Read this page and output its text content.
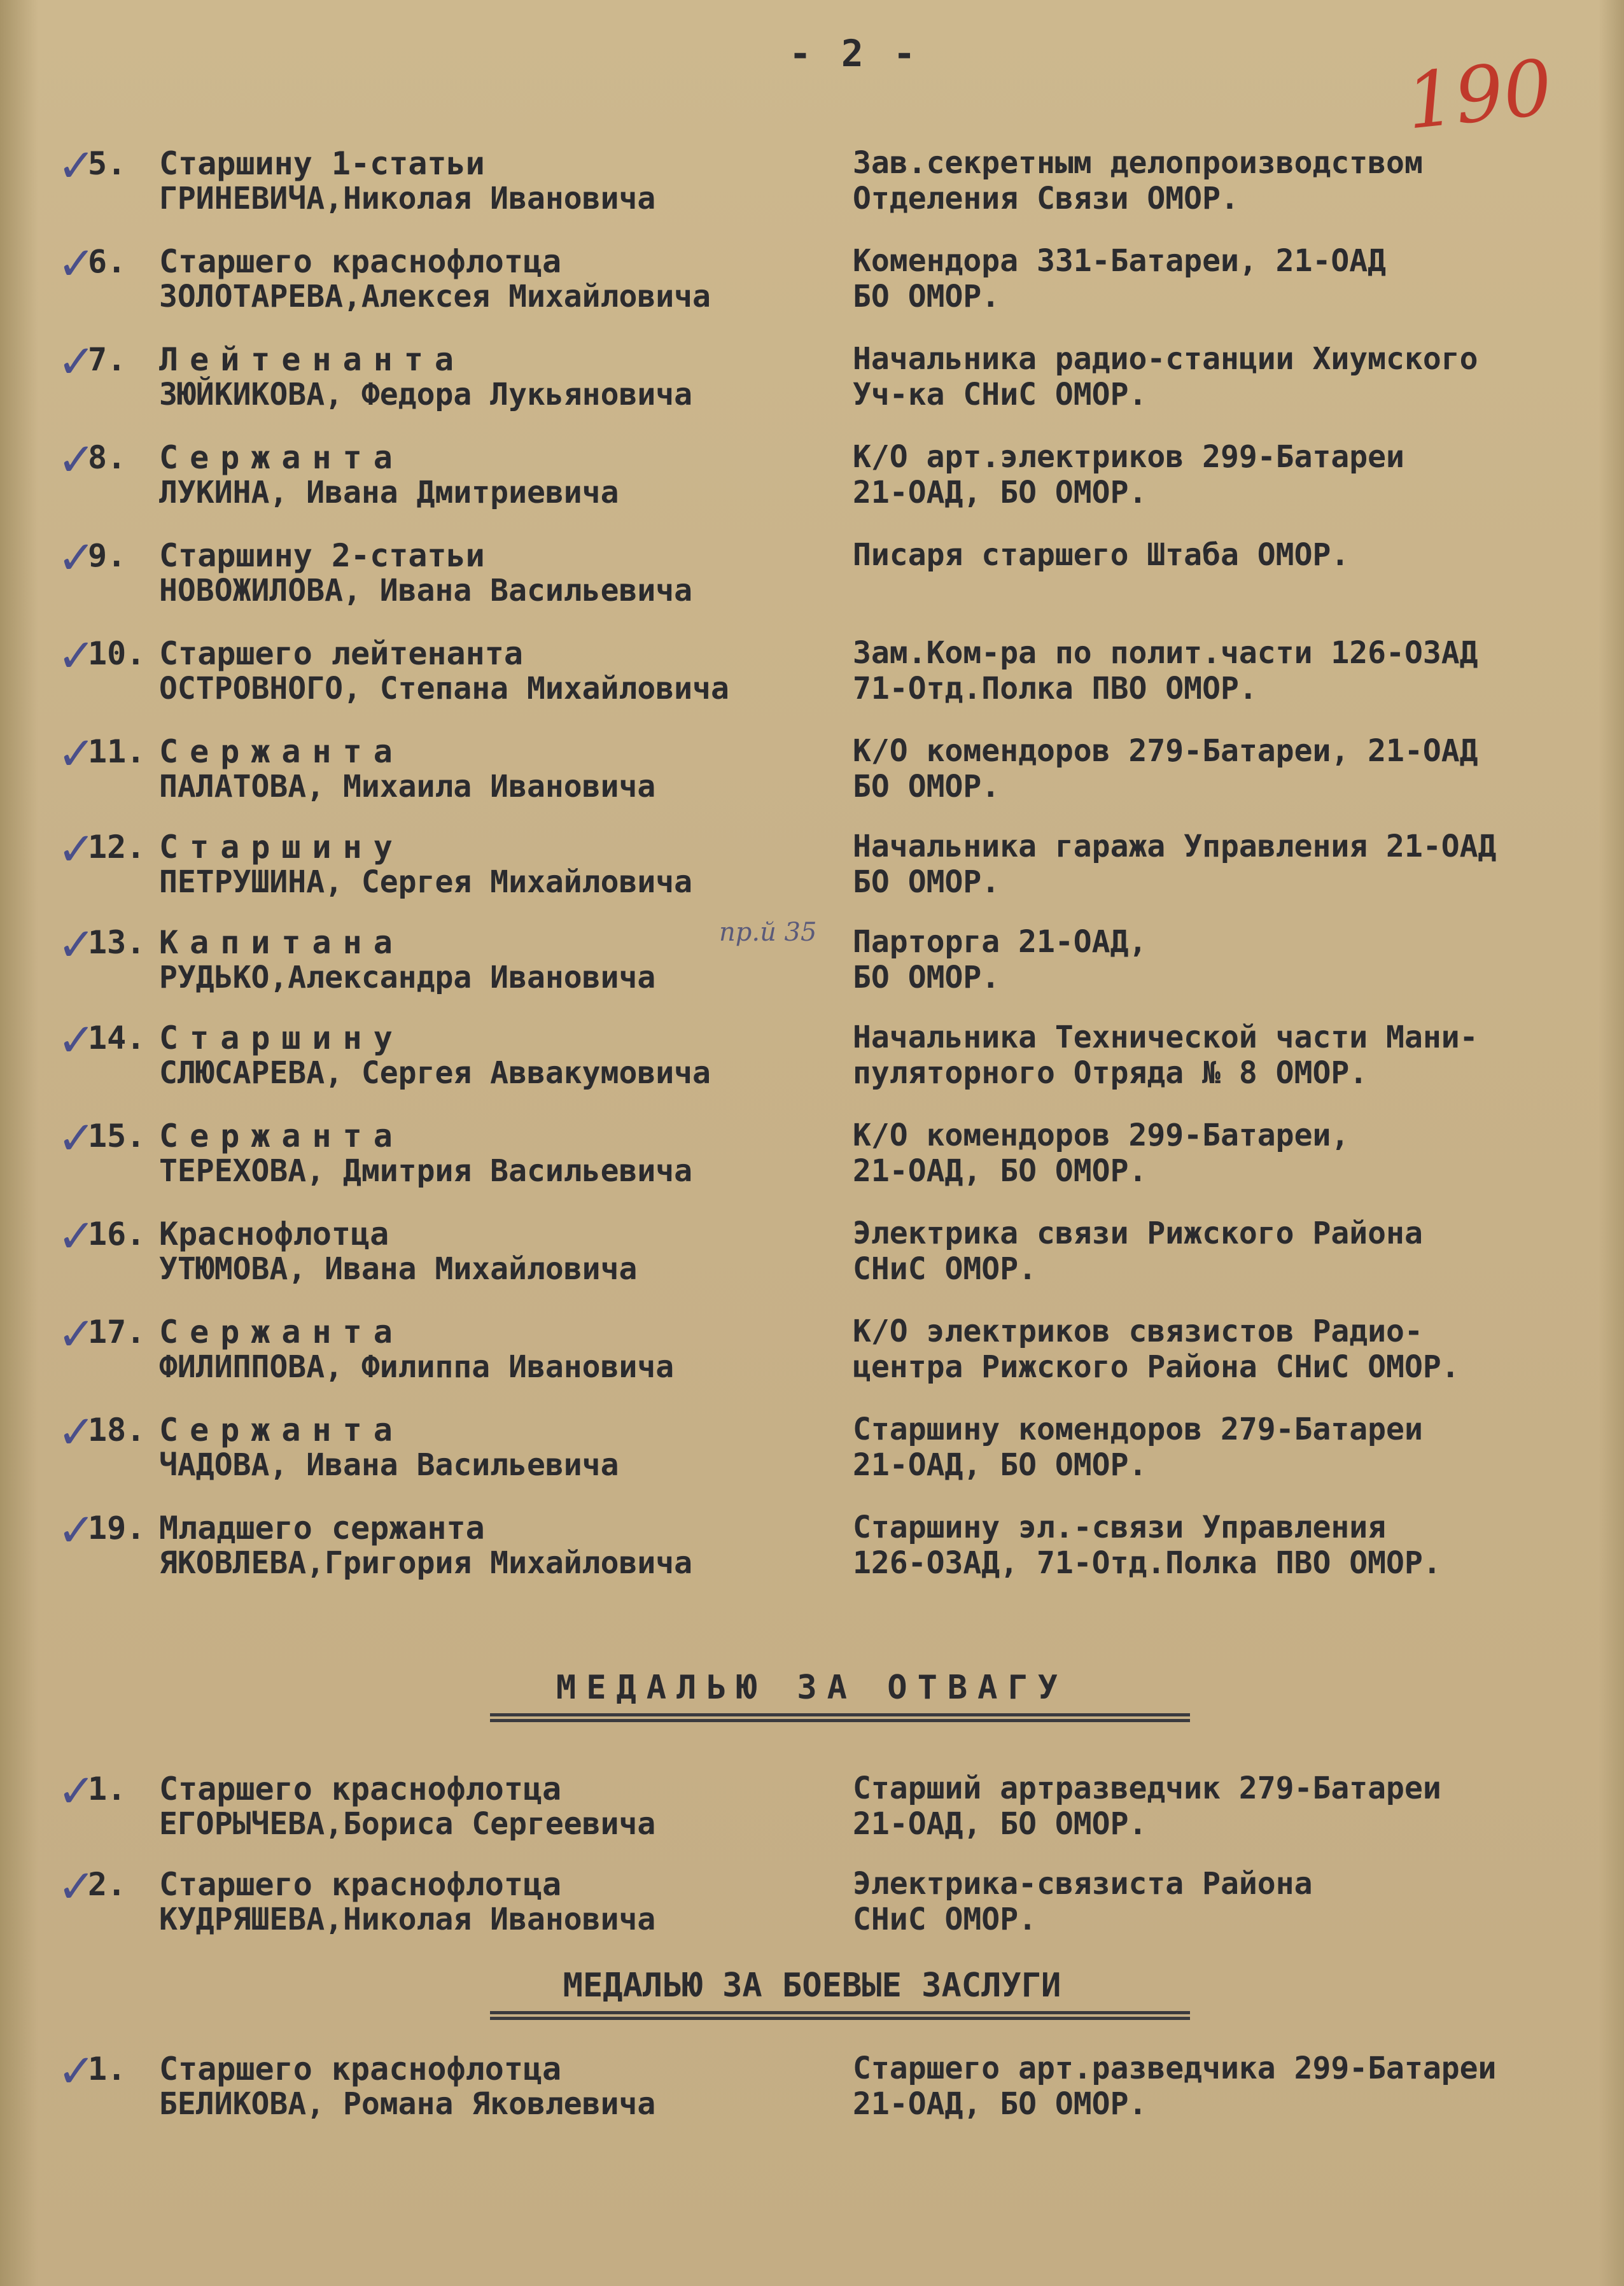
- 2 -	190
✓
5. Старшину 1-статьи
ГРИНЕВИЧА,Николая Ивановича
Зав.секретным делопроизводством
Отделения Связи ОМОР.
✓
6. Старшего краснофлотца
ЗОЛОТАРЕВА,Алексея Михайловича
Комендора 331-Батареи, 21-ОАД
БО ОМОР.
✓
7. Лейтенанта
ЗЮЙКИКОВА, Федора Лукьяновича
Начальника радио-станции Хиумского
Уч-ка СНиС ОМОР.
✓
8. Сержанта
ЛУКИНА, Ивана Дмитриевича
К/О арт.электриков 299-Батареи
21-ОАД, БО ОМОР.
✓
9. Старшину 2-статьи
НОВОЖИЛОВА, Ивана Васильевича
Писаря старшего Штаба ОМОР.
✓
10. Старшего лейтенанта
ОСТРОВНОГО, Степана Михайловича
Зам.Ком-ра по полит.части 126-ОЗАД
71-Отд.Полка ПВО ОМОР.
✓
11. Сержанта
ПАЛАТОВА, Михаила Ивановича
К/О комендоров 279-Батареи, 21-ОАД
БО ОМОР.
✓
12. Старшину
ПЕТРУШИНА, Сергея Михайловича
Начальника гаража Управления 21-ОАД
БО ОМОР.
✓
13. Капитана	пр.й 35
РУДЬКО,Александра Ивановича
Парторга 21-ОАД,
БО ОМОР.
✓
14. Старшину
СЛЮСАРЕВА, Сергея Аввакумовича
Начальника Технической части Мани-
пуляторного Отряда № 8 ОМОР.
✓
15. Сержанта
ТЕРЕХОВА, Дмитрия Васильевича
К/О комендоров 299-Батареи,
21-ОАД, БО ОМОР.
✓
16. Краснофлотца
УТЮМОВА, Ивана Михайловича
Электрика связи Рижского Района
СНиС ОМОР.
✓
17. Сержанта
ФИЛИППОВА, Филиппа Ивановича
К/О электриков связистов Радио-
центра Рижского Района СНиС ОМОР.
✓
18. Сержанта
ЧАДОВА, Ивана Васильевича
Старшину комендоров 279-Батареи
21-ОАД, БО ОМОР.
✓
19. Младшего сержанта
ЯКОВЛЕВА,Григория Михайловича
Старшину эл.-связи Управления
126-ОЗАД, 71-Отд.Полка ПВО ОМОР.
МЕДАЛЬЮ ЗА ОТВАГУ
✓
1. Старшего краснофлотца
ЕГОРЫЧЕВА,Бориса Сергеевича
Старший артразведчик 279-Батареи
21-ОАД, БО ОМОР.
✓
2. Старшего краснофлотца
КУДРЯШЕВА,Николая Ивановича
Электрика-связиста Района
СНиС ОМОР.
МЕДАЛЬЮ ЗА БОЕВЫЕ ЗАСЛУГИ
✓
1. Старшего краснофлотца
БЕЛИКОВА, Романа Яковлевича
Старшего арт.разведчика 299-Батареи
21-ОАД, БО ОМОР.
